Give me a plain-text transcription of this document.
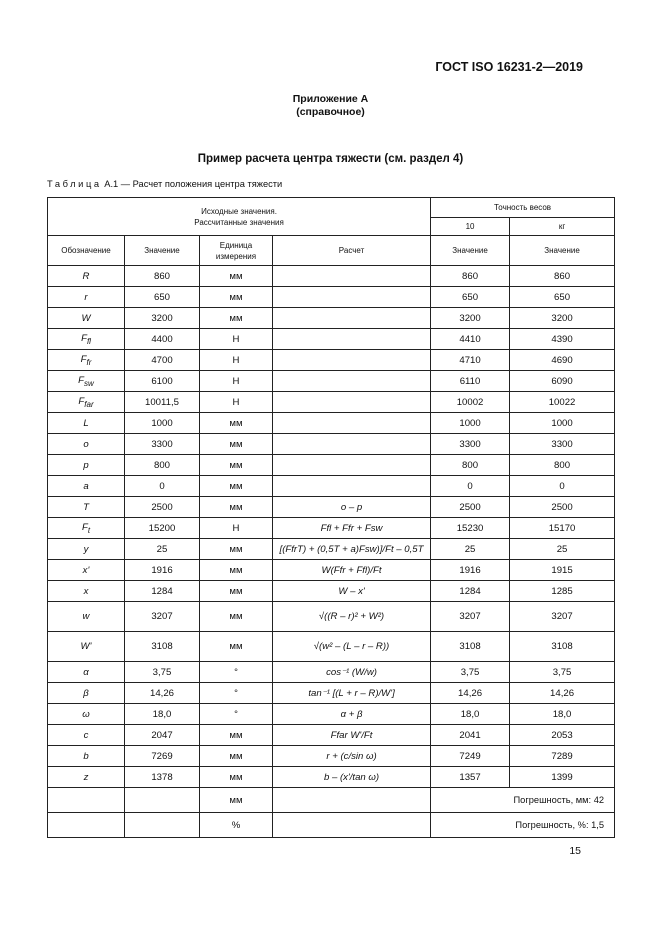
ГОСТ ISO 16231-2—2019
Приложение А
(справочное)
Пример расчета центра тяжести (см. раздел 4)
Таблица А.1 — Расчет положения центра тяжести
Исходные значения.
Рассчитанные значения				Точность весов	
				10	кг
Обозначение	Значение	Единица измерения	Расчет	Значение	Значение
R	860	мм		860	860
r	650	мм		650	650
W	3200	мм		3200	3200
$F_{fl}$	4400	Н		4410	4390
$F_{fr}$	4700	Н		4710	4690
$F_{sw}$	6100	Н		6110	6090
$F_{far}$	10011,5	Н		10002	10022
L	1000	мм		1000	1000
o	3300	мм		3300	3300
p	800	мм		800	800
a	0	мм		0	0
T	2500	мм	o – p	2500	2500
$F_t$	15200	Н	Ffl + Ffr + Fsw	15230	15170
y	25	мм	[(FfrT) + (0,5T + a)Fsw)]/Ft – 0,5T	25	25
x'	1916	мм	W(Ffr + Ffl)/Ft	1916	1915
x	1284	мм	W – x'	1284	1285
w	3207	мм	√((R – r)² + W²)	3207	3207
W'	3108	мм	√(w² – (L – r – R))	3108	3108
α	3,75	°	cos⁻¹ (W/w)	3,75	3,75
β	14,26	°	tan⁻¹ [(L + r – R)/W']	14,26	14,26
ω	18,0	°	α + β	18,0	18,0
c	2047	мм	Ffar W'/Ft	2041	2053
b	7269	мм	r + (c/sin ω)	7249	7289
z	1378	мм	b – (x'/tan ω)	1357	1399
		мм		Погрешность, мм: 42	
		%		Погрешность, %: 1,5	
15
